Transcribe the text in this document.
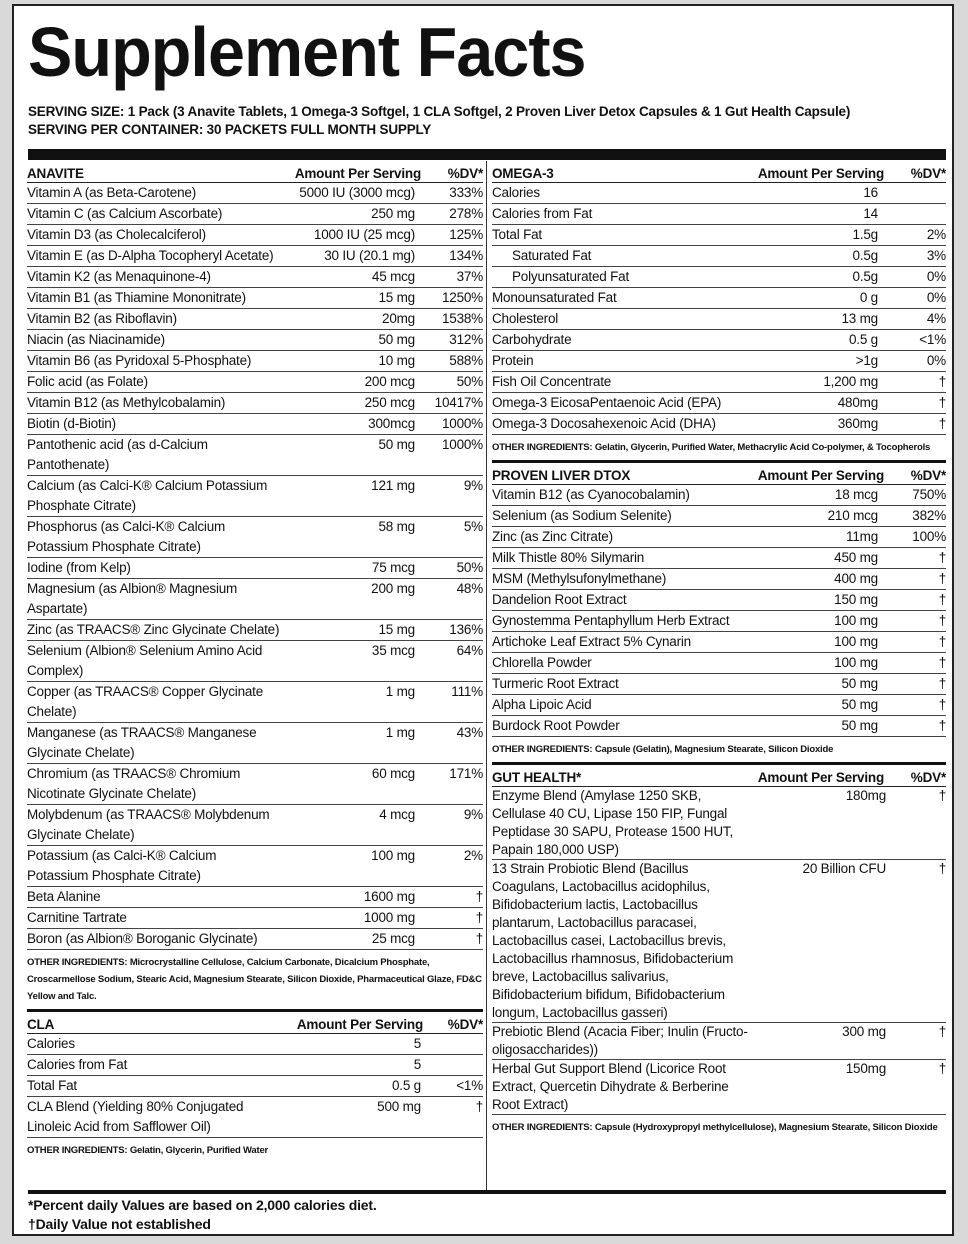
Supplement Facts
SERVING SIZE: 1 Pack (3 Anavite Tablets, 1 Omega-3 Softgel, 1 CLA Softgel, 2 Proven Liver Detox Capsules & 1 Gut Health Capsule)
SERVING PER CONTAINER: 30 PACKETS FULL MONTH SUPPLY
ANAVITE	Amount Per Serving	%DV*
Vitamin A (as Beta-Carotene)	5000 IU (3000 mcg)	333%
Vitamin C (as Calcium Ascorbate)	250 mg	278%
Vitamin D3 (as Cholecalciferol)	1000 IU (25 mcg)	125%
Vitamin E (as D-Alpha Tocopheryl Acetate)	30 IU (20.1 mg)	134%
Vitamin K2 (as Menaquinone-4)	45 mcg	37%
Vitamin B1 (as Thiamine Mononitrate)	15 mg	1250%
Vitamin B2 (as Riboflavin)	20mg	1538%
Niacin (as Niacinamide)	50 mg	312%
Vitamin B6 (as Pyridoxal 5-Phosphate)	10 mg	588%
Folic acid (as Folate)	200 mcg	50%
Vitamin B12 (as Methylcobalamin)	250 mcg	10417%
Biotin (d-Biotin)	300mcg	1000%
Pantothenic acid (as d-Calcium Pantothenate)
50 mg	1000%
Calcium (as Calci-K® Calcium Potassium Phosphate Citrate)
121 mg	9%
Phosphorus (as Calci-K® Calcium Potassium Phosphate Citrate)
58 mg	5%
Iodine (from Kelp)	75 mcg	50%
Magnesium (as Albion® Magnesium Aspartate)
200 mg	48%
Zinc (as TRAACS® Zinc Glycinate Chelate)	15 mg	136%
Selenium (Albion® Selenium Amino Acid Complex)
35 mcg	64%
Copper (as TRAACS® Copper Glycinate Chelate)
1 mg	111%
Manganese (as TRAACS® Manganese Glycinate Chelate)
1 mg	43%
Chromium (as TRAACS® Chromium Nicotinate Glycinate Chelate)
60 mcg	171%
Molybdenum (as TRAACS® Molybdenum Glycinate Chelate)
4 mcg	9%
Potassium (as Calci-K® Calcium Potassium Phosphate Citrate)
100 mg	2%
Beta Alanine	1600 mg	†
Carnitine Tartrate	1000 mg	†
Boron (as Albion® Boroganic Glycinate)	25 mcg	†
OTHER INGREDIENTS: Microcrystalline Cellulose, Calcium Carbonate, Dicalcium Phosphate, Croscarmellose Sodium, Stearic Acid, Magnesium Stearate, Silicon Dioxide, Pharmaceutical Glaze, FD&C Yellow and Talc.
CLA	Amount Per Serving	%DV*
Calories	5
Calories from Fat	5
Total Fat	0.5 g	<1%
CLA Blend (Yielding 80% Conjugated Linoleic Acid from Safflower Oil)
500 mg	†
OTHER INGREDIENTS: Gelatin, Glycerin, Purified Water
OMEGA-3	Amount Per Serving	%DV*
Calories	16
Calories from Fat	14
Total Fat	1.5g	2%
Saturated Fat	0.5g	3%
Polyunsaturated Fat	0.5g	0%
Monounsaturated Fat	0 g	0%
Cholesterol	13 mg	4%
Carbohydrate	0.5 g	<1%
Protein	>1g	0%
Fish Oil Concentrate	1,200 mg	†
Omega-3 EicosaPentaenoic Acid (EPA)	480mg	†
Omega-3 Docosahexenoic Acid (DHA)	360mg	†
OTHER INGREDIENTS: Gelatin, Glycerin, Purified Water, Methacrylic Acid Co-polymer, & Tocopherols
PROVEN LIVER DTOX	Amount Per Serving	%DV*
Vitamin B12 (as Cyanocobalamin)	18 mcg	750%
Selenium (as Sodium Selenite)	210 mcg	382%
Zinc (as Zinc Citrate)	11mg	100%
Milk Thistle 80% Silymarin	450 mg	†
MSM (Methylsufonylmethane)	400 mg	†
Dandelion Root Extract	150 mg	†
Gynostemma Pentaphyllum Herb Extract	100 mg	†
Artichoke Leaf Extract 5% Cynarin	100 mg	†
Chlorella Powder	100 mg	†
Turmeric Root Extract	50 mg	†
Alpha Lipoic Acid	50 mg	†
Burdock Root Powder	50 mg	†
OTHER INGREDIENTS: Capsule (Gelatin), Magnesium Stearate, Silicon Dioxide
GUT HEALTH*	Amount Per Serving	%DV*
Enzyme Blend (Amylase 1250 SKB, Cellulase 40 CU, Lipase 150 FIP, Fungal Peptidase 30 SAPU, Protease 1500 HUT, Papain 180,000 USP)
180mg	†
13 Strain Probiotic Blend (Bacillus Coagulans, Lactobacillus acidophilus, Bifidobacterium lactis, Lactobacillus plantarum, Lactobacillus paracasei, Lactobacillus casei, Lactobacillus brevis, Lactobacillus rhamnosus, Bifidobacterium breve, Lactobacillus salivarius, Bifidobacterium bifidum, Bifidobacterium longum, Lactobacillus gasseri)
20 Billion CFU	†
Prebiotic Blend (Acacia Fiber; Inulin (Fructo-oligosaccharides))
300 mg	†
Herbal Gut Support Blend (Licorice Root Extract, Quercetin Dihydrate & Berberine Root Extract)
150mg	†
OTHER INGREDIENTS: Capsule (Hydroxypropyl methylcellulose), Magnesium Stearate, Silicon Dioxide
*Percent daily Values are based on 2,000 calories diet.
†Daily Value not established
